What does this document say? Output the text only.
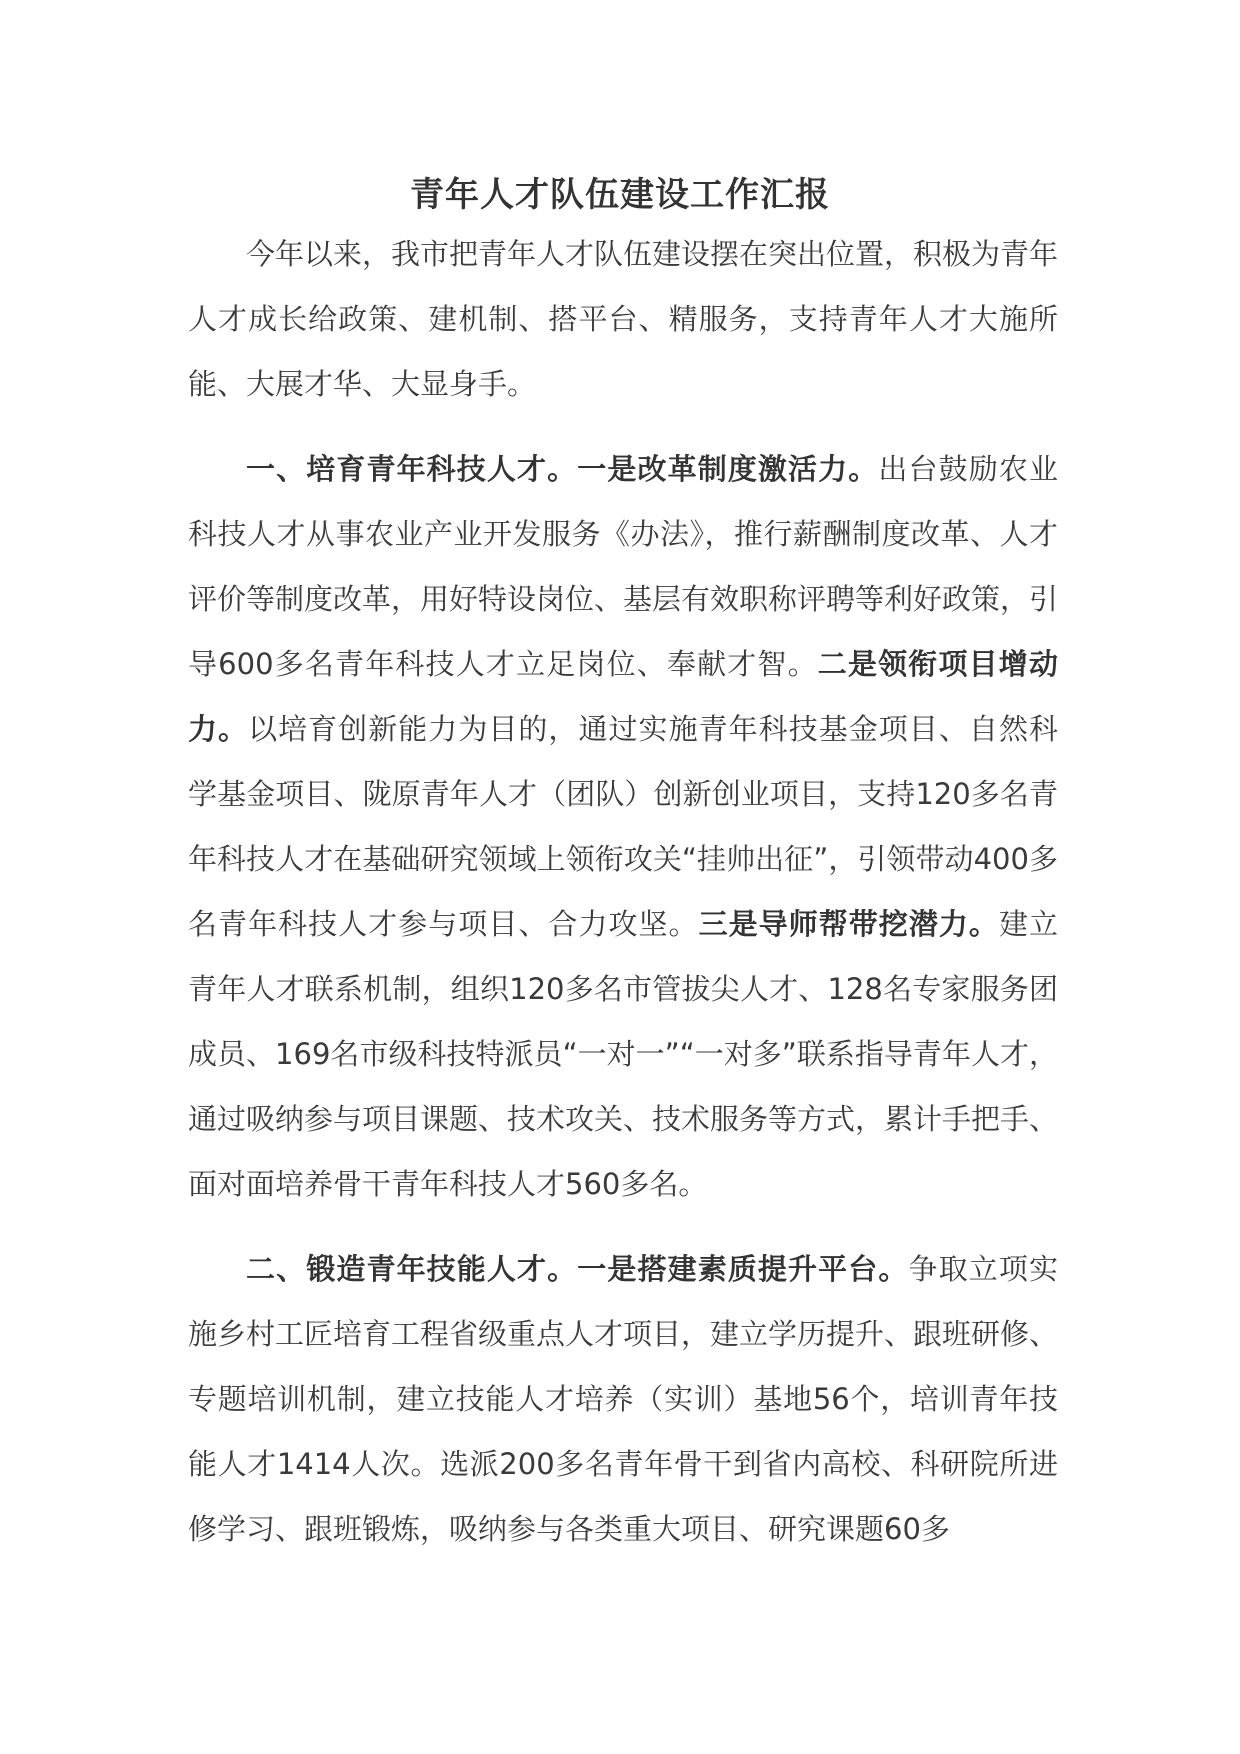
青年人才队伍建设工作汇报

今年以来，我市把青年人才队伍建设摆在突出位置，积极为青年人才成长给政策、建机制、搭平台、精服务，支持青年人才大施所能、大展才华、大显身手。

一、培育青年科技人才。一是改革制度激活力。出台鼓励农业科技人才从事农业产业开发服务《办法》，推行薪酬制度改革、人才评价等制度改革，用好特设岗位、基层有效职称评聘等利好政策，引导600多名青年科技人才立足岗位、奉献才智。二是领衔项目增动力。以培育创新能力为目的，通过实施青年科技基金项目、自然科学基金项目、陇原青年人才（团队）创新创业项目，支持120多名青年科技人才在基础研究领域上领衔攻关“挂帅出征”，引领带动400多名青年科技人才参与项目、合力攻坚。三是导师帮带挖潜力。建立青年人才联系机制，组织120多名市管拔尖人才、128名专家服务团成员、169名市级科技特派员“一对一”“一对多”联系指导青年人才，通过吸纳参与项目课题、技术攻关、技术服务等方式，累计手把手、面对面培养骨干青年科技人才560多名。

二、锻造青年技能人才。一是搭建素质提升平台。争取立项实施乡村工匠培育工程省级重点人才项目，建立学历提升、跟班研修、专题培训机制，建立技能人才培养（实训）基地56个，培训青年技能人才1414人次。选派200多名青年骨干到省内高校、科研院所进修学习、跟班锻炼，吸纳参与各类重大项目、研究课题60多
